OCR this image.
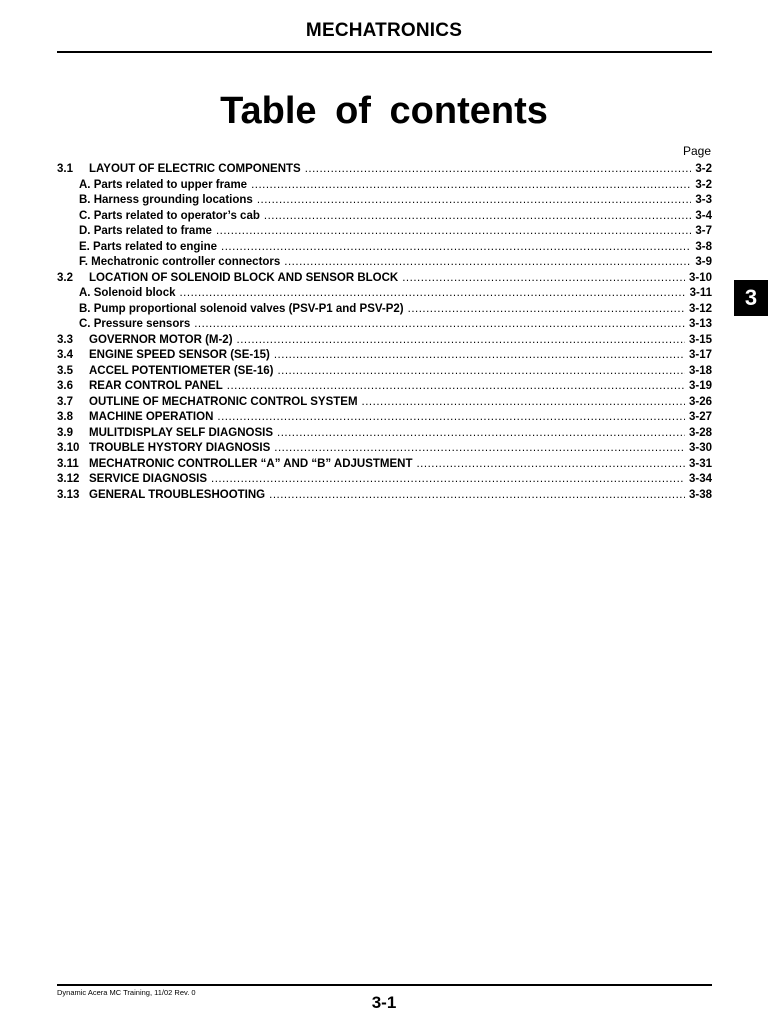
MECHATRONICS
Table of contents
Page
3.1	LAYOUT OF ELECTRIC COMPONENTS .....	3-2
A. Parts related to upper frame .....	3-2
B. Harness grounding locations .....	3-3
C. Parts related to operator’s cab .....	3-4
D. Parts related to frame .....	3-7
E. Parts related to engine .....	3-8
F. Mechatronic controller connectors .....	3-9
3.2	LOCATION OF SOLENOID BLOCK AND SENSOR BLOCK .....	3-10
A. Solenoid block .....	3-11
B. Pump proportional solenoid valves (PSV-P1 and PSV-P2) .....	3-12
C. Pressure sensors .....	3-13
3.3	GOVERNOR MOTOR (M-2) .....	3-15
3.4	ENGINE SPEED SENSOR (SE-15) .....	3-17
3.5	ACCEL POTENTIOMETER (SE-16) .....	3-18
3.6	REAR CONTROL PANEL .....	3-19
3.7	OUTLINE OF MECHATRONIC CONTROL SYSTEM .....	3-26
3.8	MACHINE OPERATION .....	3-27
3.9	MULITDISPLAY SELF DIAGNOSIS .....	3-28
3.10 TROUBLE HYSTORY DIAGNOSIS .....	3-30
3.11 MECHATRONIC CONTROLLER “A” AND “B” ADJUSTMENT .....	3-31
3.12 SERVICE DIAGNOSIS .....	3-34
3.13 GENERAL TROUBLESHOOTING .....	3-38
3
Dynamic Acera MC Training, 11/02 Rev. 0
3-1
